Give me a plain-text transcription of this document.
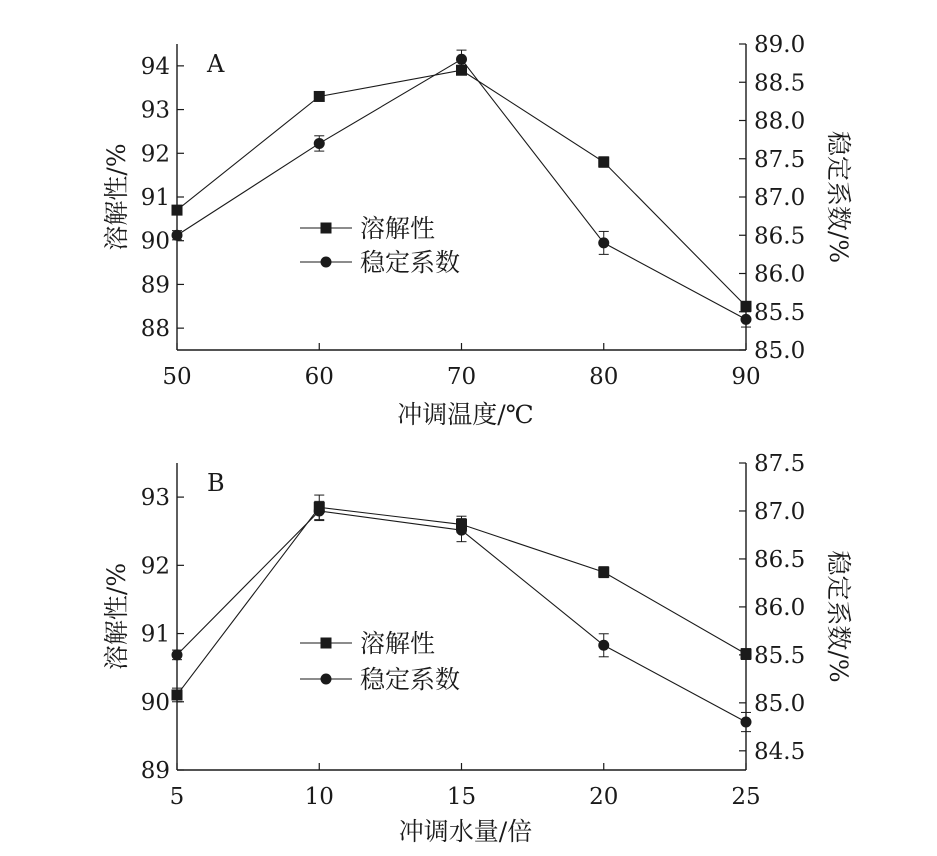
50	60	70	80	90
88
89
90
91
92
93
94
85.0
85.5
86.0
86.5
87.0
87.5
88.0
88.5
89.0
冲调温度/℃
溶解性/%	稳定系数/%
A
溶解性
稳定系数
5	10	15	20	25
89
90
91
92
93
84.5
85.0
85.5
86.0
86.5
87.0
87.5
冲调水量/倍
溶解性/%	稳定系数/%
B
溶解性
稳定系数
